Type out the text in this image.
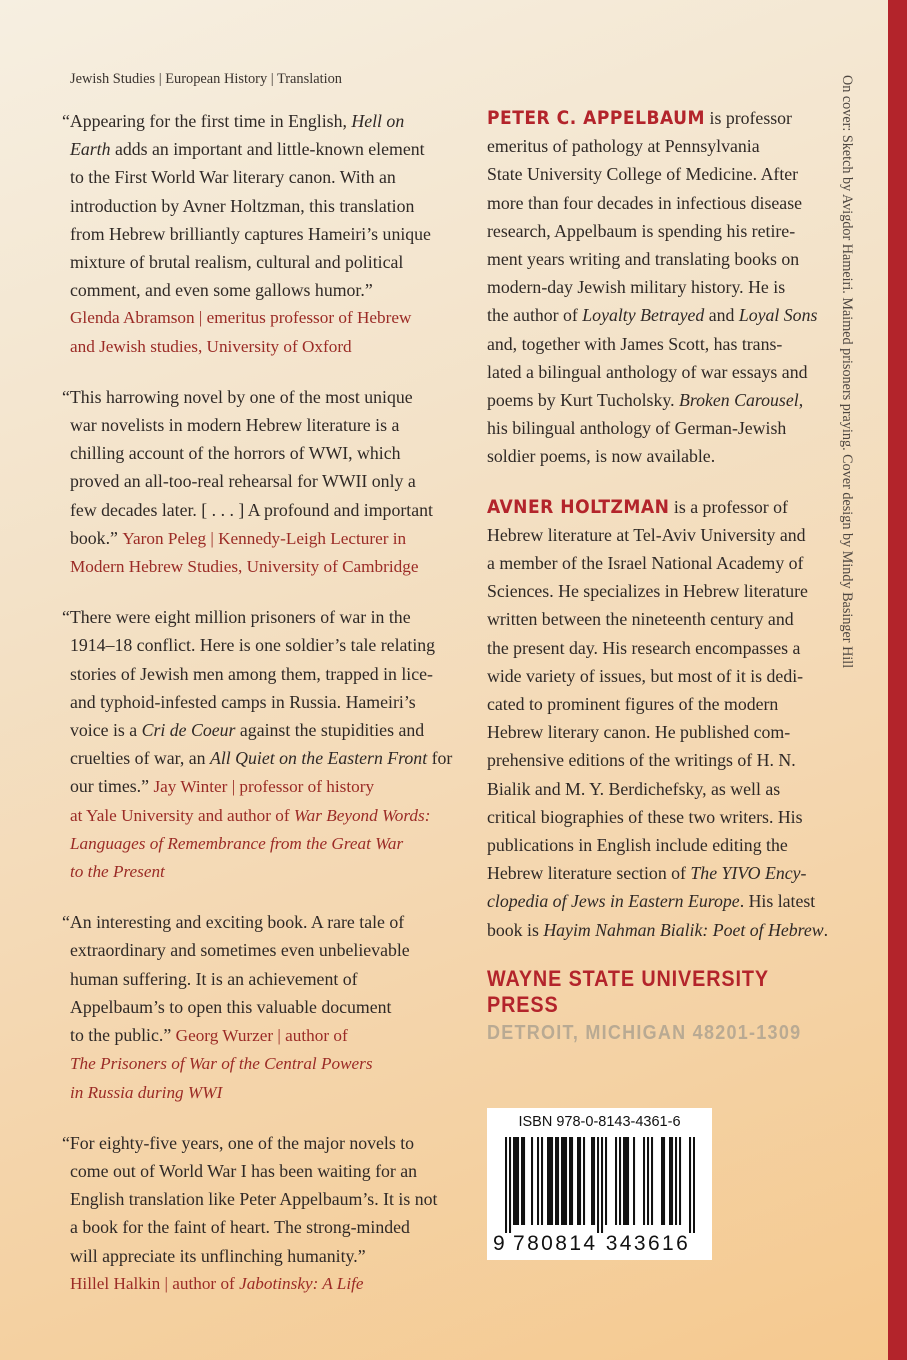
On cover: Sketch by Avigdor Hameiri. Maimed prisoners praying. Cover design by Mindy Basinger Hill
Jewish Studies | European History | Translation

“Appearing for the first time in English, Hell on

Earth adds an important and little-known element

to the First World War literary canon. With an

introduction by Avner Holtzman, this translation

from Hebrew brilliantly captures Hameiri’s unique

mixture of brutal realism, cultural and political

comment, and even some gallows humor.”

Glenda Abramson | emeritus professor of Hebrew

and Jewish studies, University of Oxford

“This harrowing novel by one of the most unique

war novelists in modern Hebrew literature is a

chilling account of the horrors of WWI, which

proved an all-too-real rehearsal for WWII only a

few decades later. [ . . . ] A profound and important

book.” Yaron Peleg | Kennedy-Leigh Lecturer in

Modern Hebrew Studies, University of Cambridge

“There were eight million prisoners of war in the

1914–18 conflict. Here is one soldier’s tale relating

stories of Jewish men among them, trapped in lice-

and typhoid-infested camps in Russia. Hameiri’s

voice is a Cri de Coeur against the stupidities and

cruelties of war, an All Quiet on the Eastern Front for

our times.” Jay Winter | professor of history

at Yale University and author of War Beyond Words:

Languages of Remembrance from the Great War

to the Present

“An interesting and exciting book. A rare tale of

extraordinary and sometimes even unbelievable

human suffering. It is an achievement of

Appelbaum’s to open this valuable document

to the public.” Georg Wurzer | author of

The Prisoners of War of the Central Powers

in Russia during WWI

“For eighty-five years, one of the major novels to

come out of World War I has been waiting for an

English translation like Peter Appelbaum’s. It is not

a book for the faint of heart. The strong-minded

will appreciate its unflinching humanity.”

Hillel Halkin | author of Jabotinsky: A Life

PETER C. APPELBAUM is professor
emeritus of pathology at Pennsylvania
State University College of Medicine. After
more than four decades in infectious disease
research, Appelbaum is spending his retire-
ment years writing and translating books on
modern-day Jewish military history. He is
the author of Loyalty Betrayed and Loyal Sons
and, together with James Scott, has trans-
lated a bilingual anthology of war essays and
poems by Kurt Tucholsky. Broken Carousel,
his bilingual anthology of German-Jewish
soldier poems, is now available.

AVNER HOLTZMAN is a professor of
Hebrew literature at Tel-Aviv University and
a member of the Israel National Academy of
Sciences. He specializes in Hebrew literature
written between the nineteenth century and
the present day. His research encompasses a
wide variety of issues, but most of it is dedi-
cated to prominent figures of the modern
Hebrew literary canon. He published com-
prehensive editions of the writings of H. N.
Bialik and M. Y. Berdichefsky, as well as
critical biographies of these two writers. His
publications in English include editing the
Hebrew literature section of The YIVO Ency-
clopedia of Jews in Eastern Europe. His latest
book is Hayim Nahman Bialik: Poet of Hebrew.

WAYNE STATE UNIVERSITY PRESS
DETROIT, MICHIGAN 48201-1309
ISBN 978-0-8143-4361-6
9 780814 343616
